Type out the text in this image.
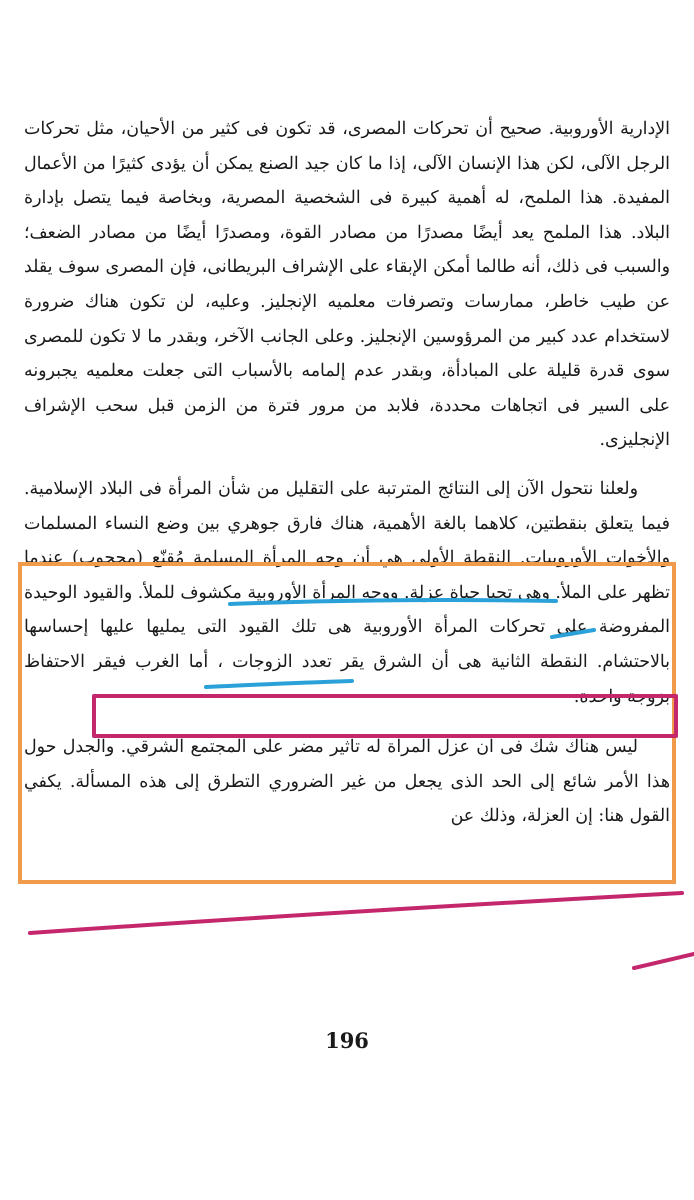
الإدارية الأوروبية. صحيح أن تحركات المصرى، قد تكون فى كثير من الأحيان، مثل تحركات الرجل الآلى، لكن هذا الإنسان الآلى، إذا ما كان جيد الصنع يمكن أن يؤدى كثيرًا من الأعمال المفيدة. هذا الملمح، له أهمية كبيرة فى الشخصية المصرية، وبخاصة فيما يتصل بإدارة البلاد. هذا الملمح يعد أيضًا مصدرًا من مصادر القوة، ومصدرًا أيضًا من مصادر الضعف؛ والسبب فى ذلك، أنه طالما أمكن الإبقاء على الإشراف البريطانى، فإن المصرى سوف يقلد عن طيب خاطر، ممارسات وتصرفات معلميه الإنجليز. وعليه، لن تكون هناك ضرورة لاستخدام عدد كبير من المرؤوسين الإنجليز. وعلى الجانب الآخر، وبقدر ما لا تكون للمصرى سوى قدرة قليلة على المبادأة، وبقدر عدم إلمامه بالأسباب التى جعلت معلميه يجبرونه على السير فى اتجاهات محددة، فلابد من مرور فترة من الزمن قبل سحب الإشراف الإنجليزى.

ولعلنا نتحول الآن إلى النتائج المترتبة على التقليل من شأن المرأة فى البلاد الإسلامية. فيما يتعلق بنقطتين، كلاهما بالغة الأهمية، هناك فارق جوهري بين وضع النساء المسلمات والأخوات الأوروبيات. النقطة الأولى هي أن وجه المرأة المسلمة مُقنّع (محجوب) عندما تظهر على الملأ. وهي تحيا حياة عزلة. ووجه المرأة الأوروبية مكشوف للملأ. والقيود الوحيدة المفروضة على تحركات المرأة الأوروبية هى تلك القيود التى يمليها عليها إحساسها بالاحتشام. النقطة الثانية هى أن الشرق يقر تعدد الزوجات ، أما الغرب فيقر الاحتفاظ بزوجة واحدة.

ليس هناك شك فى أن عزل المرأة له تأثير مضر على المجتمع الشرقي. والجدل حول هذا الأمر شائع إلى الحد الذى يجعل من غير الضروري التطرق إلى هذه المسألة. يكفي القول هنا: إن العزلة، وذلك عن

196
